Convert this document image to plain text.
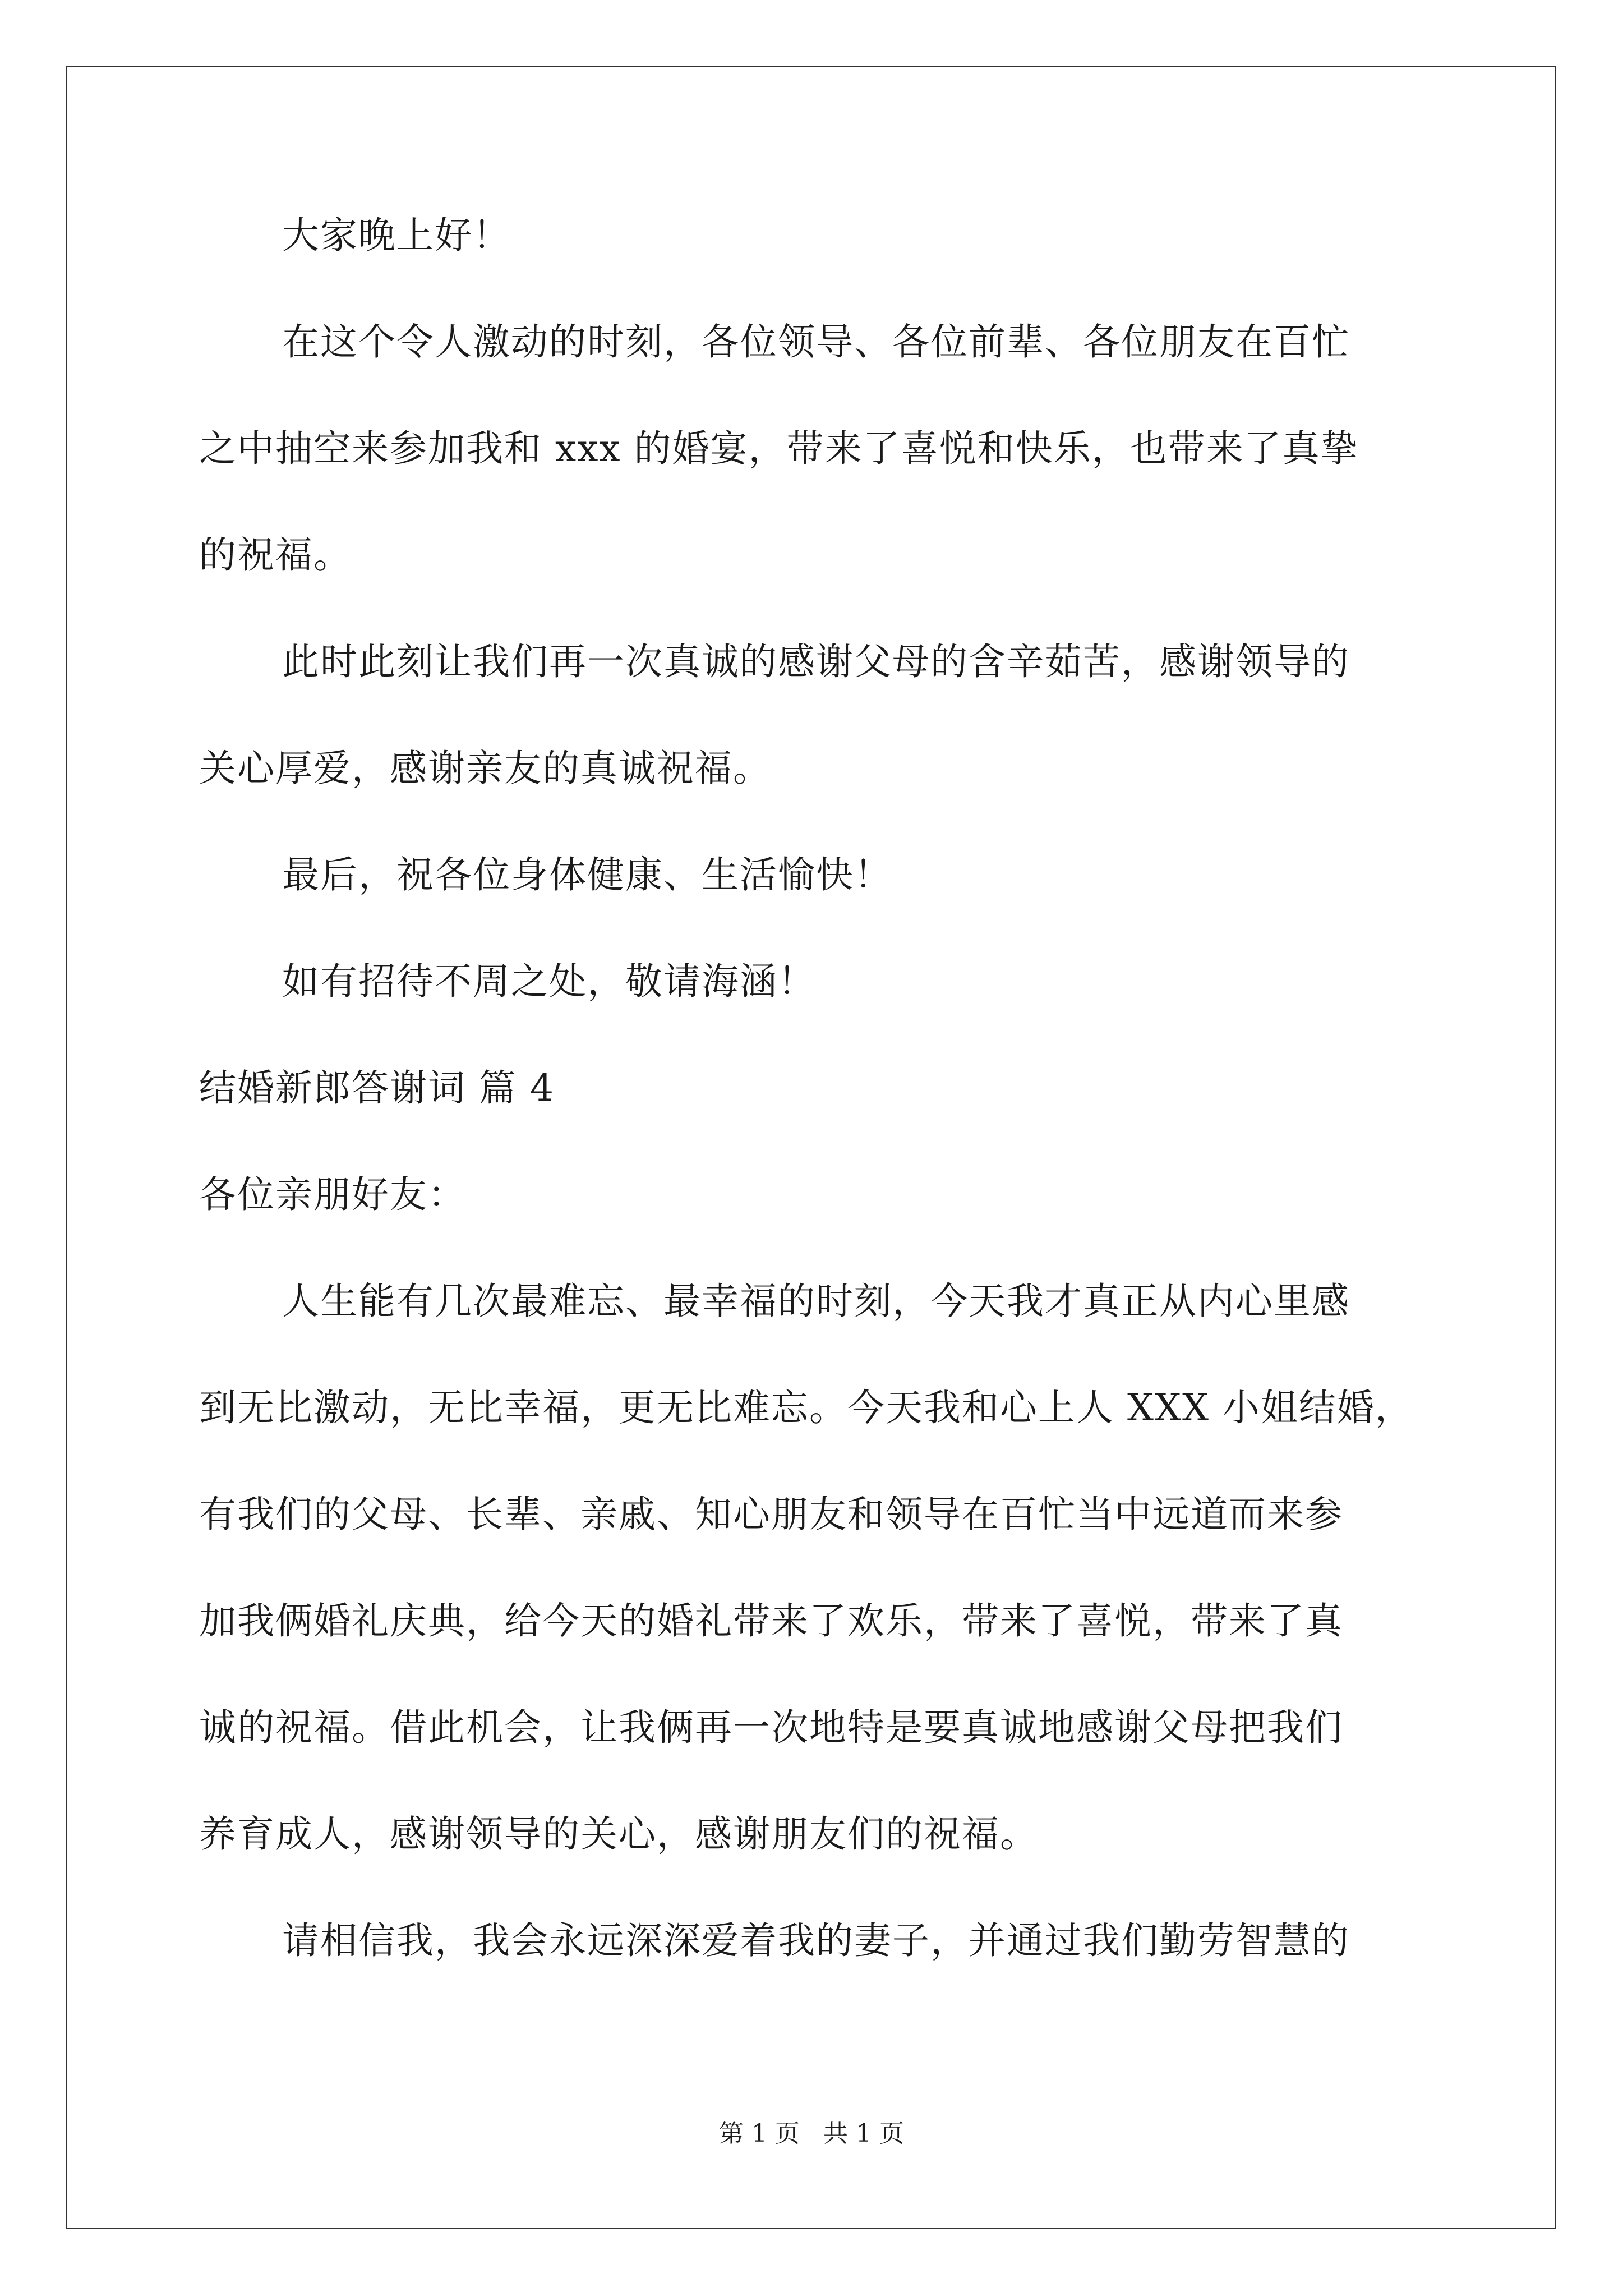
大家晚上好！
在这个令人激动的时刻，各位领导、各位前辈、各位朋友在百忙
之中抽空来参加我和 xxx 的婚宴，带来了喜悦和快乐，也带来了真挚
的祝福。
此时此刻让我们再一次真诚的感谢父母的含辛茹苦，感谢领导的
关心厚爱，感谢亲友的真诚祝福。
最后，祝各位身体健康、生活愉快！
如有招待不周之处，敬请海涵！
结婚新郎答谢词 篇 4
各位亲朋好友：
人生能有几次最难忘、最幸福的时刻，今天我才真正从内心里感
到无比激动，无比幸福，更无比难忘。今天我和心上人 XXX 小姐结婚，
有我们的父母、长辈、亲戚、知心朋友和领导在百忙当中远道而来参
加我俩婚礼庆典，给今天的婚礼带来了欢乐，带来了喜悦，带来了真
诚的祝福。借此机会，让我俩再一次地特是要真诚地感谢父母把我们
养育成人，感谢领导的关心，感谢朋友们的祝福。
请相信我，我会永远深深爱着我的妻子，并通过我们勤劳智慧的
第 1 页   共 1 页
